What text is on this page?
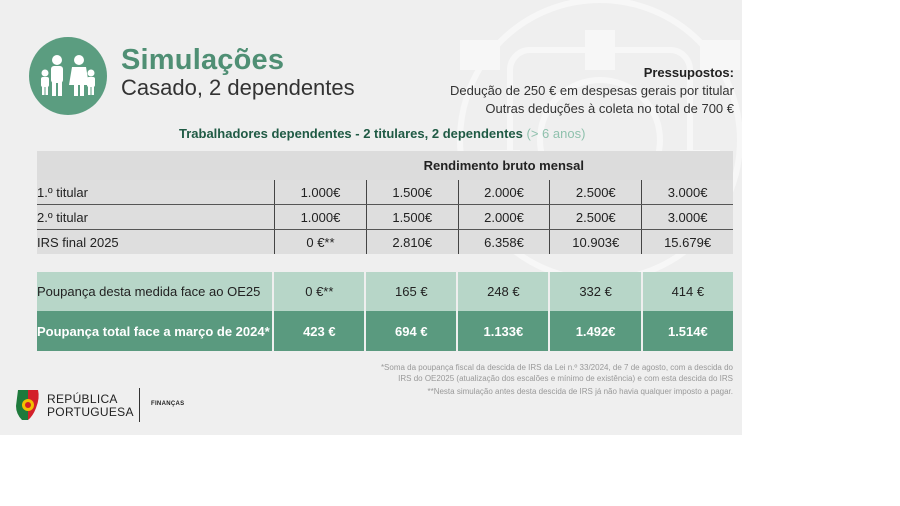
Simulações
Casado, 2 dependentes
Pressupostos:
Dedução de 250 € em despesas gerais por titular
Outras deduções à coleta no total de 700 €
Trabalhadores dependentes - 2 titulares, 2 dependentes (> 6 anos)
	Rendimento bruto mensal				
1.º titular	1.000€	1.500€	2.000€	2.500€	3.000€
2.º titular	1.000€	1.500€	2.000€	2.500€	3.000€
IRS final 2025	0 €**	2.810€	6.358€	10.903€	15.679€
Poupança desta medida face ao OE25	0 €**	165 €	248 €	332 €	414 €
Poupança total face a março de 2024*	423 €	694 €	1.133€	1.492€	1.514€
*Soma da poupança fiscal da descida de IRS da Lei n.º 33/2024, de 7 de agosto, com a descida do
IRS do OE2025 (atualização dos escalões e mínimo de existência) e com esta descida do IRS
**Nesta simulação antes desta descida de IRS já não havia qualquer imposto a pagar.
REPÚBLICA
PORTUGUESA
FINANÇAS
